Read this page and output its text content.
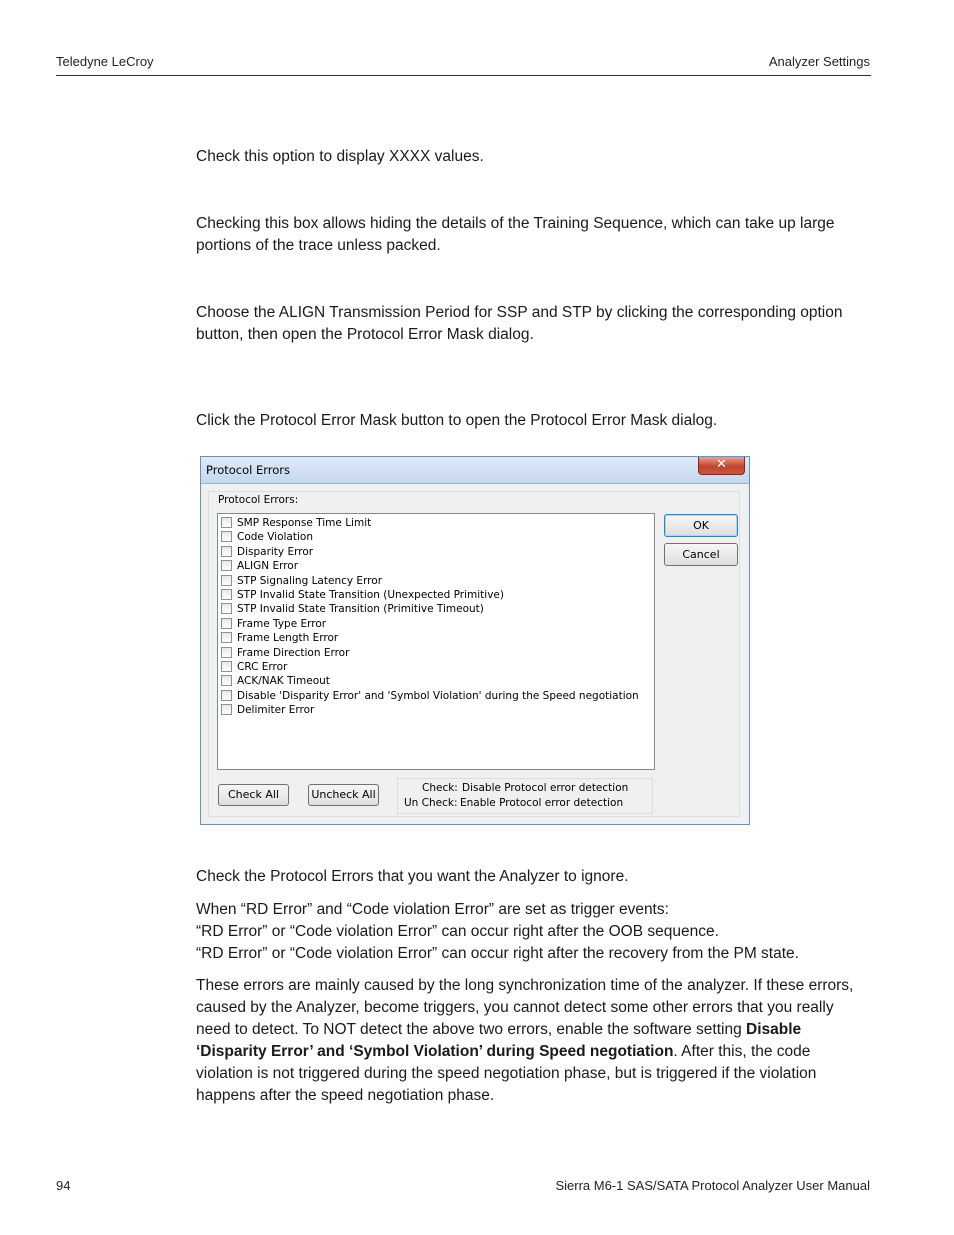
Teledyne LeCroy	Analyzer Settings
Check this option to display XXXX values.
Checking this box allows hiding the details of the Training Sequence, which can take up large portions of the trace unless packed.
Choose the ALIGN Transmission Period for SSP and STP by clicking the corresponding option button, then open the Protocol Error Mask dialog.
Click the Protocol Error Mask button to open the Protocol Error Mask dialog.
Protocol Errors	✕
Protocol Errors:
SMP Response Time Limit
Code Violation
Disparity Error
ALIGN Error
STP Signaling Latency Error
STP Invalid State Transition (Unexpected Primitive)
STP Invalid State Transition (Primitive Timeout)
Frame Type Error
Frame Length Error
Frame Direction Error
CRC Error
ACK/NAK Timeout
Disable 'Disparity Error' and 'Symbol Violation' during the Speed negotiation
Delimiter Error
OK
Cancel
Check All	Uncheck All	Check: Disable Protocol error detection
Un Check: Enable Protocol error detection
Check the Protocol Errors that you want the Analyzer to ignore.
When “RD Error” and “Code violation Error” are set as trigger events:
“RD Error” or “Code violation Error” can occur right after the OOB sequence.
“RD Error” or “Code violation Error” can occur right after the recovery from the PM state.
These errors are mainly caused by the long synchronization time of the analyzer. If these errors, caused by the Analyzer, become triggers, you cannot detect some other errors that you really need to detect. To NOT detect the above two errors, enable the software setting Disable ‘Disparity Error’ and ‘Symbol Violation’ during Speed negotiation. After this, the code violation is not triggered during the speed negotiation phase, but is triggered if the violation happens after the speed negotiation phase.
94	Sierra M6-1 SAS/SATA Protocol Analyzer User Manual
